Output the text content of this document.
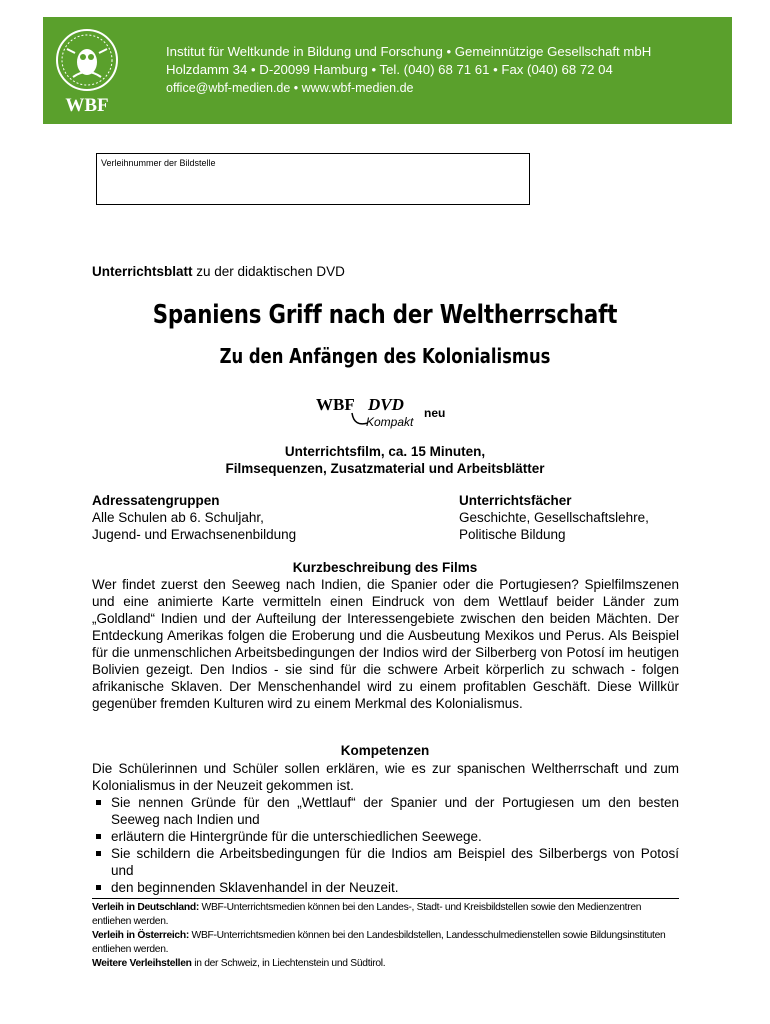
WBF
Institut für Weltkunde in Bildung und Forschung • Gemeinnützige Gesellschaft mbH
Holzdamm 34 • D-20099 Hamburg • Tel. (040) 68 71 61 • Fax (040) 68 72 04
office@wbf-medien.de • www.wbf-medien.de
Verleihnummer der Bildstelle
Unterrichtsblatt zu der didaktischen DVD
Spaniens Griff nach der Weltherrschaft
Zu den Anfängen des Kolonialismus
WBF DVD
Kompakt
neu
Unterrichtsfilm, ca. 15 Minuten,
Filmsequenzen, Zusatzmaterial und Arbeitsblätter
Adressatengruppen
Alle Schulen ab 6. Schuljahr,
Jugend- und Erwachsenenbildung
Unterrichtsfächer
Geschichte, Gesellschaftslehre,
Politische Bildung
Kurzbeschreibung des Films
Wer findet zuerst den Seeweg nach Indien, die Spanier oder die Portugiesen? Spielfilmszenen und eine animierte Karte vermitteln einen Eindruck von dem Wettlauf beider Länder zum „Goldland“ Indien und der Aufteilung der Interessengebiete zwischen den beiden Mächten. Der Entdeckung Amerikas folgen die Eroberung und die Ausbeutung Mexikos und Perus. Als Beispiel für die unmenschlichen Arbeitsbedingungen der Indios wird der Silberberg von Potosí im heutigen Bolivien gezeigt. Den Indios - sie sind für die schwere Arbeit körperlich zu schwach - folgen afrikanische Sklaven. Der Menschenhandel wird zu einem profitablen Geschäft. Diese Willkür gegenüber fremden Kulturen wird zu einem Merkmal des Kolonialismus.
Kompetenzen
Die Schülerinnen und Schüler sollen erklären, wie es zur spanischen Weltherrschaft und zum Kolonialismus in der Neuzeit gekommen ist.
Sie nennen Gründe für den „Wettlauf“ der Spanier und der Portugiesen um den besten Seeweg nach Indien und
erläutern die Hintergründe für die unterschiedlichen Seewege.
Sie schildern die Arbeitsbedingungen für die Indios am Beispiel des Silberbergs von Potosí und
den beginnenden Sklavenhandel in der Neuzeit.
Verleih in Deutschland: WBF-Unterrichtsmedien können bei den Landes-, Stadt- und Kreisbildstellen sowie den Medienzentren entliehen werden.
Verleih in Österreich: WBF-Unterrichtsmedien können bei den Landesbildstellen, Landesschulmedienstellen sowie Bildungsinstituten entliehen werden.
Weitere Verleihstellen in der Schweiz, in Liechtenstein und Südtirol.
